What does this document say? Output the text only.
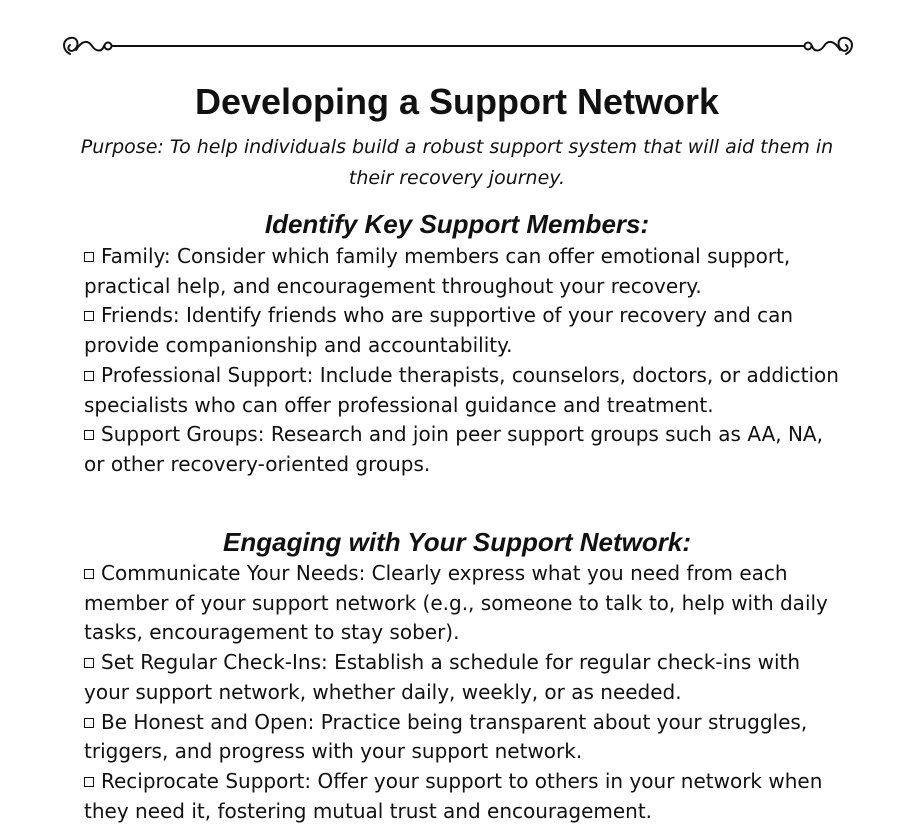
Developing a Support Network

Purpose: To help individuals build a robust support system that will aid them in their recovery journey.

Identify Key Support Members:
Family: Consider which family members can offer emotional support, practical help, and encouragement throughout your recovery.
Friends: Identify friends who are supportive of your recovery and can provide companionship and accountability.
Professional Support: Include therapists, counselors, doctors, or addiction specialists who can offer professional guidance and treatment.
Support Groups: Research and join peer support groups such as AA, NA, or other recovery-oriented groups.
Engaging with Your Support Network:
Communicate Your Needs: Clearly express what you need from each member of your support network (e.g., someone to talk to, help with daily tasks, encouragement to stay sober).
Set Regular Check-Ins: Establish a schedule for regular check-ins with your support network, whether daily, weekly, or as needed.
Be Honest and Open: Practice being transparent about your struggles, triggers, and progress with your support network.
Reciprocate Support: Offer your support to others in your network when they need it, fostering mutual trust and encouragement.
